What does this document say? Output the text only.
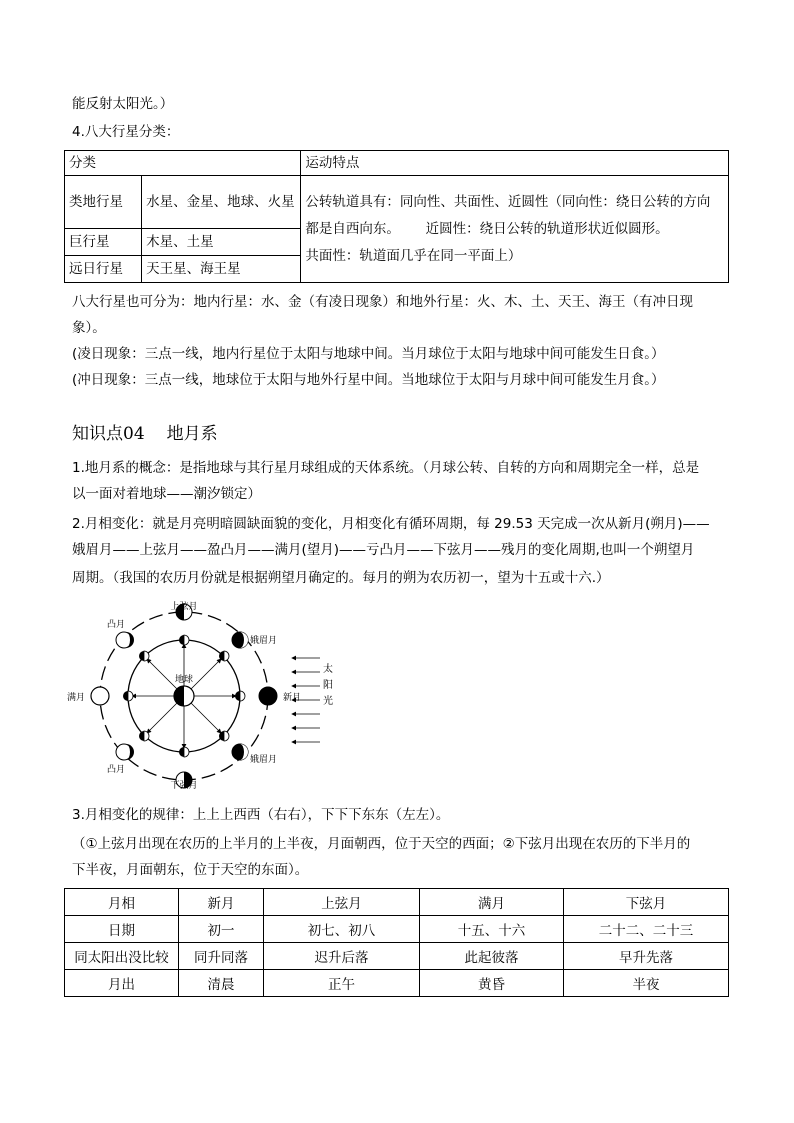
能反射太阳光。）
4.八大行星分类：
分类		运动特点
类地行星	水星、金星、地球、火星	公转轨道具有：同向性、共面性、近圆性（同向性：绕日公转的方向
都是自西向东。      近圆性：绕日公转的轨道形状近似圆形。
共面性：轨道面几乎在同一平面上）

巨行星	木星、土星	
远日行星	天王星、海王星	
八大行星也可分为：地内行星：水、金（有凌日现象）和地外行星：火、木、土、天王、海王（有冲日现
象）。
(凌日现象：三点一线，地内行星位于太阳与地球中间。当月球位于太阳与地球中间可能发生日食。）
(冲日现象：三点一线，地球位于太阳与地外行星中间。当地球位于太阳与月球中间可能发生月食。）
知识点04 地月系
1.地月系的概念：是指地球与其行星月球组成的天体系统。（月球公转、自转的方向和周期完全一样，总是
以一面对着地球——潮汐锁定）
2.月相变化：就是月亮明暗圆缺面貌的变化，月相变化有循环周期，每 29.53 天完成一次从新月(朔月)——
娥眉月——上弦月——盈凸月——满月(望月)——亏凸月——下弦月——残月的变化周期,也叫一个朔望月
周期。（我国的农历月份就是根据朔望月确定的。每月的朔为农历初一，望为十五或十六.）
地球
上弦月
下弦月
满月	新月
凸月
娥眉月
凸月
娥眉月
太
阳
光
3.月相变化的规律：上上上西西（右右），下下下东东（左左）。
（①上弦月出现在农历的上半月的上半夜，月面朝西，位于天空的西面；②下弦月出现在农历的下半月的
下半夜，月面朝东，位于天空的东面）。
月相	新月	上弦月	满月	下弦月
日期	初一	初七、初八	十五、十六	二十二、二十三
同太阳出没比较	同升同落	迟升后落	此起彼落	早升先落
月出	清晨	正午	黄昏	半夜
